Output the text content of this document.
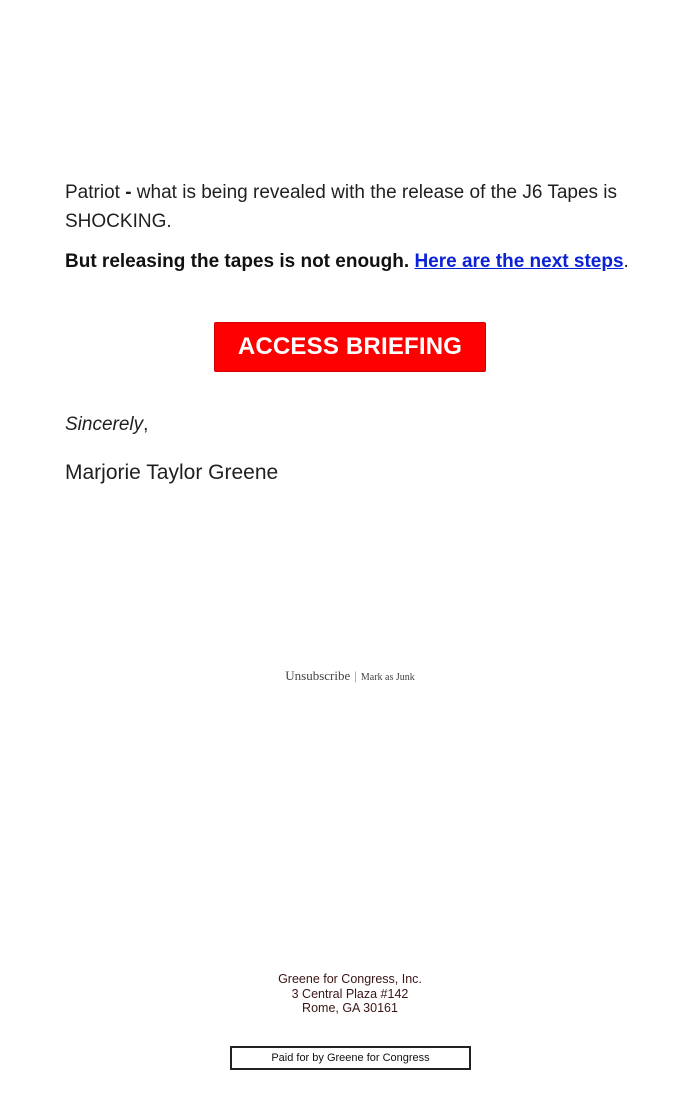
Patriot - what is being revealed with the release of the J6 Tapes is SHOCKING.

But releasing the tapes is not enough. Here are the next steps.

ACCESS BRIEFING
Sincerely,
Marjorie Taylor Greene
Unsubscribe | Mark as Junk
Greene for Congress, Inc.
3 Central Plaza #142
Rome, GA 30161
Paid for by Greene for Congress
